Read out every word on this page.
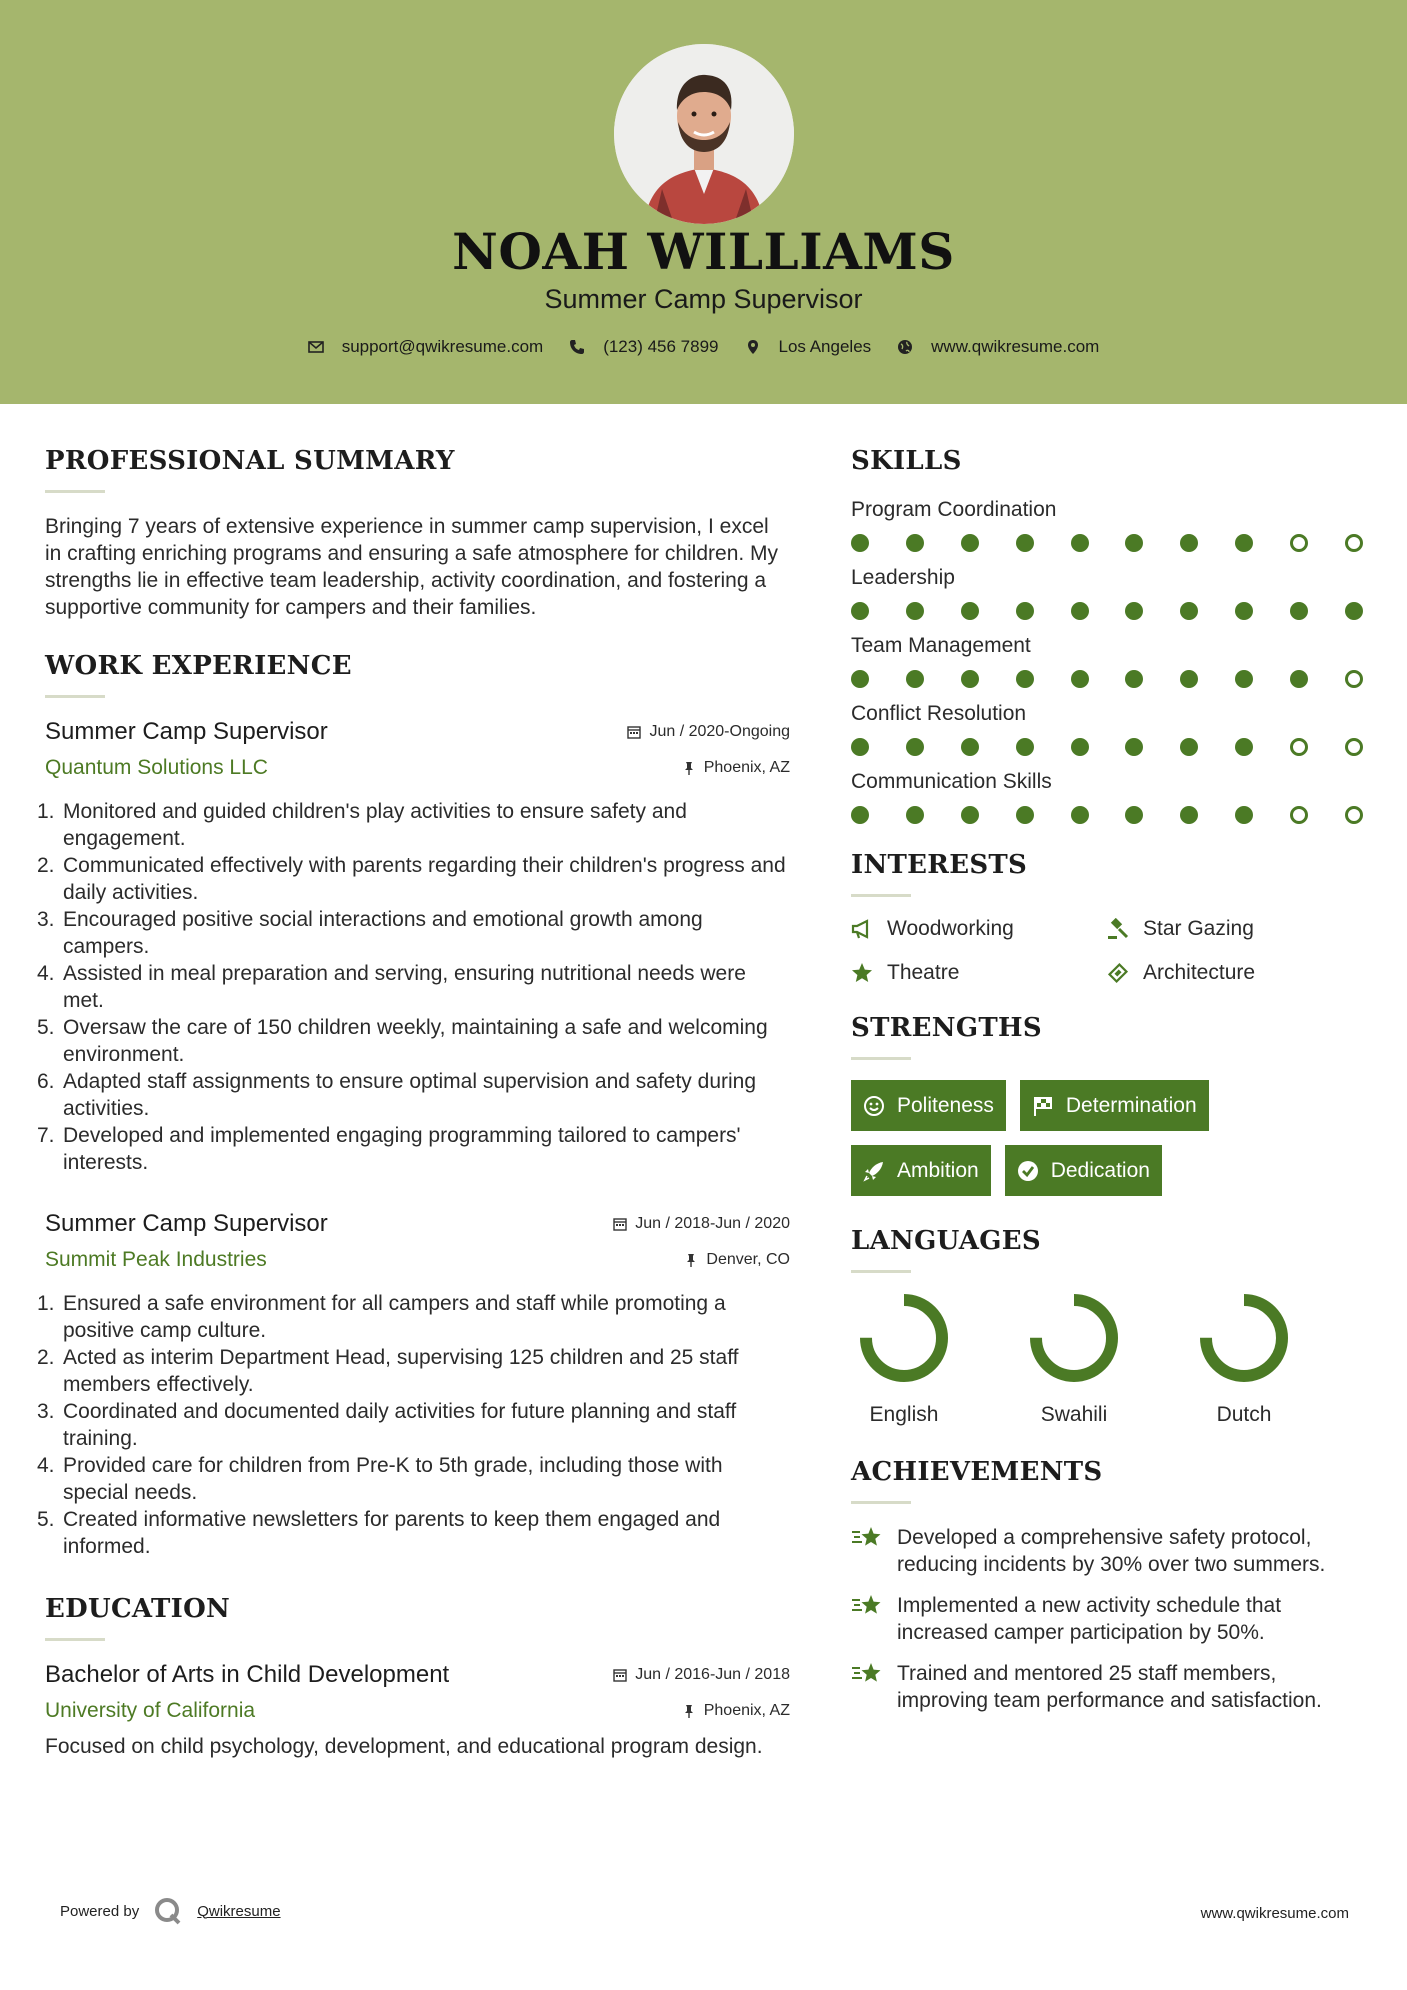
NOAH WILLIAMS
Summer Camp Supervisor
support@qwikresume.com	(123) 456 7899	Los Angeles	www.qwikresume.com
PROFESSIONAL SUMMARY
Bringing 7 years of extensive experience in summer camp supervision, I excel in crafting enriching programs and ensuring a safe atmosphere for children. My strengths lie in effective team leadership, activity coordination, and fostering a supportive community for campers and their families.
WORK EXPERIENCE
Summer Camp Supervisor	Jun / 2020-Ongoing
Quantum Solutions LLC	Phoenix, AZ
1. Monitored and guided children's play activities to ensure safety and engagement.
2. Communicated effectively with parents regarding their children's progress and daily activities.
3. Encouraged positive social interactions and emotional growth among campers.
4. Assisted in meal preparation and serving, ensuring nutritional needs were met.
5. Oversaw the care of 150 children weekly, maintaining a safe and welcoming environment.
6. Adapted staff assignments to ensure optimal supervision and safety during activities.
7. Developed and implemented engaging programming tailored to campers' interests.
Summer Camp Supervisor	Jun / 2018-Jun / 2020
Summit Peak Industries	Denver, CO
1. Ensured a safe environment for all campers and staff while promoting a positive camp culture.
2. Acted as interim Department Head, supervising 125 children and 25 staff members effectively.
3. Coordinated and documented daily activities for future planning and staff training.
4. Provided care for children from Pre-K to 5th grade, including those with special needs.
5. Created informative newsletters for parents to keep them engaged and informed.
EDUCATION
Bachelor of Arts in Child Development	Jun / 2016-Jun / 2018
University of California	Phoenix, AZ
Focused on child psychology, development, and educational program design.
SKILLS
Program Coordination
Leadership
Team Management
Conflict Resolution
Communication Skills
INTERESTS
Woodworking	Star Gazing
Theatre	Architecture
STRENGTHS
Politeness	Determination
Ambition	Dedication
LANGUAGES
English	Swahili	Dutch
ACHIEVEMENTS
Developed a comprehensive safety protocol, reducing incidents by 30% over two summers.
Implemented a new activity schedule that increased camper participation by 50%.
Trained and mentored 25 staff members, improving team performance and satisfaction.
Powered by	Qwikresume	www.qwikresume.com
